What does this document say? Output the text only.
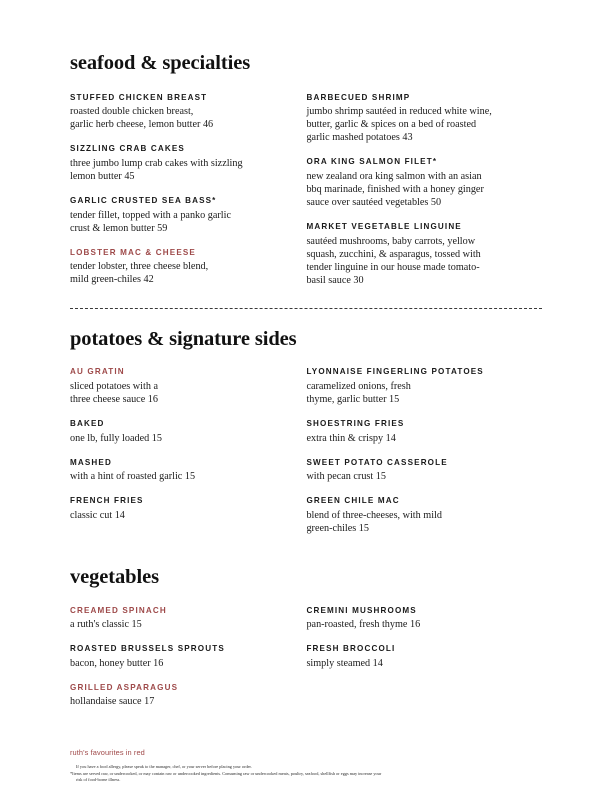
seafood & specialties
STUFFED CHICKEN BREAST
roasted double chicken breast,
garlic herb cheese, lemon butter 46
SIZZLING CRAB CAKES
three jumbo lump crab cakes with sizzling
lemon butter 45
GARLIC CRUSTED SEA BASS*
tender fillet, topped with a panko garlic
crust & lemon butter 59
LOBSTER MAC & CHEESE
tender lobster, three cheese blend,
mild green-chiles 42
BARBECUED SHRIMP
jumbo shrimp sautéed in reduced white wine,
butter, garlic & spices on a bed of roasted
garlic mashed potatoes 43
ORA KING SALMON FILET*
new zealand ora king salmon with an asian
bbq marinade, finished with a honey ginger
sauce over sautéed vegetables 50
MARKET VEGETABLE LINGUINE
sautéed mushrooms, baby carrots, yellow
squash, zucchini, & asparagus, tossed with
tender linguine in our house made tomato-
basil sauce 30
potatoes & signature sides
AU GRATIN
sliced potatoes with a
three cheese sauce 16
BAKED
one lb, fully loaded 15
MASHED
with a hint of roasted garlic 15
FRENCH FRIES
classic cut 14
LYONNAISE FINGERLING POTATOES
caramelized onions, fresh
thyme, garlic butter 15
SHOESTRING FRIES
extra thin & crispy 14
SWEET POTATO CASSEROLE
with pecan crust 15
GREEN CHILE MAC
blend of three-cheeses, with mild
green-chiles 15
vegetables
CREAMED SPINACH
a ruth's classic 15
ROASTED BRUSSELS SPROUTS
bacon, honey butter 16
GRILLED ASPARAGUS
hollandaise sauce 17
CREMINI MUSHROOMS
pan-roasted, fresh thyme 16
FRESH BROCCOLI
simply steamed 14

ruth's favourites in red

If you have a food allergy, please speak to the manager, chef, or your server before placing your order.
*Items are served raw, or undercooked, or may contain raw or undercooked ingredients. Consuming raw or undercooked meats, poultry, seafood, shellfish or eggs may increase your
risk of food-borne illness.
